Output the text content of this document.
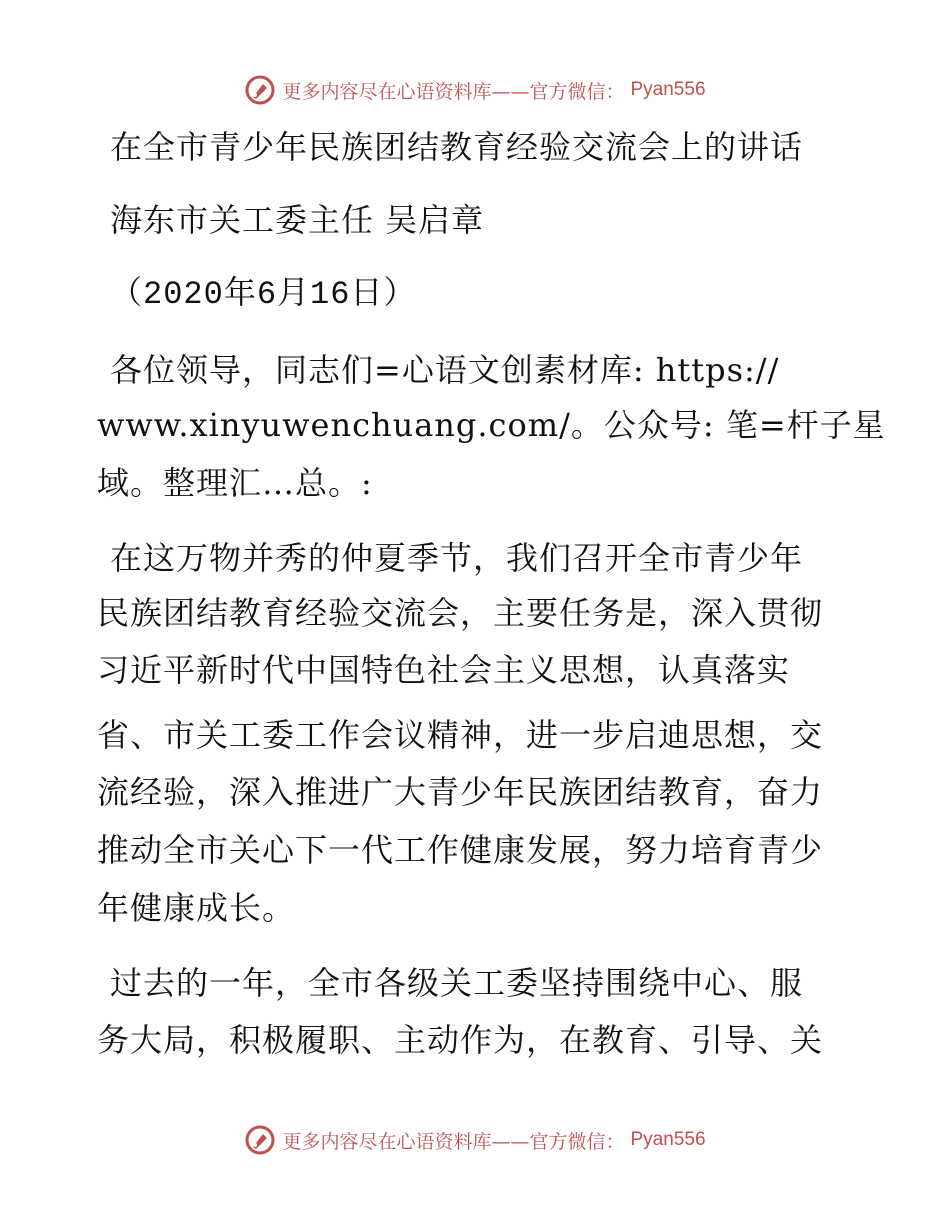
更多内容尽在心语资料库——官方微信： Pyan556
在全市青少年民族团结教育经验交流会上的讲话
海东市关工委主任 吴启章
（2020年6月16日）
各位领导，同志们=心语文创素材库: https://
www.xinyuwenchuang.com/。公众号: 笔=杆子星
域。整理汇…总。:
在这万物并秀的仲夏季节，我们召开全市青少年
民族团结教育经验交流会，主要任务是，深入贯彻
习近平新时代中国特色社会主义思想，认真落实
省、市关工委工作会议精神，进一步启迪思想，交
流经验，深入推进广大青少年民族团结教育，奋力
推动全市关心下一代工作健康发展，努力培育青少
年健康成长。
过去的一年，全市各级关工委坚持围绕中心、服
务大局，积极履职、主动作为，在教育、引导、关
更多内容尽在心语资料库——官方微信： Pyan556
